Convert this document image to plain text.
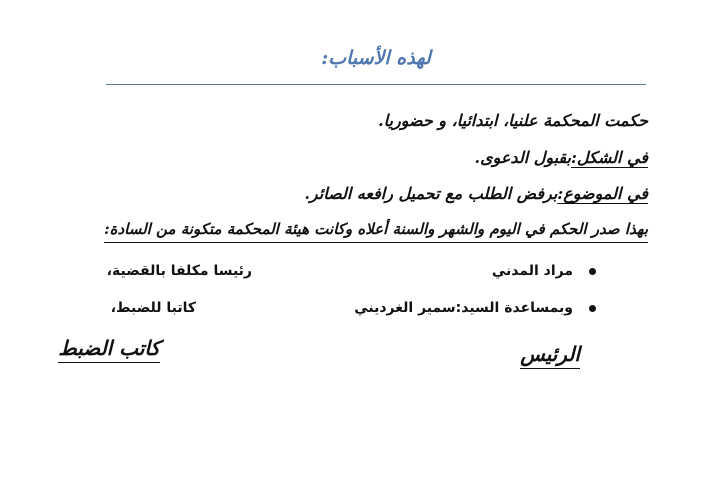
لهذه الأسباب:
حكمت المحكمة علنيا، ابتدائيا، و حضوريا.
في الشكل:بقبول الدعوى.
في الموضوع:برفض الطلب مع تحميل رافعه الصائر.
بهذا صدر الحكم في اليوم والشهر والسنة أعلاه وكانت هيئة المحكمة متكونة من السادة:
مراد المدني
رئيسا مكلفا بالقضية،
وبمساعدة السيد:سمير الغرديني
كاتبا للضبط،
الرئيس
كاتب الضبط
